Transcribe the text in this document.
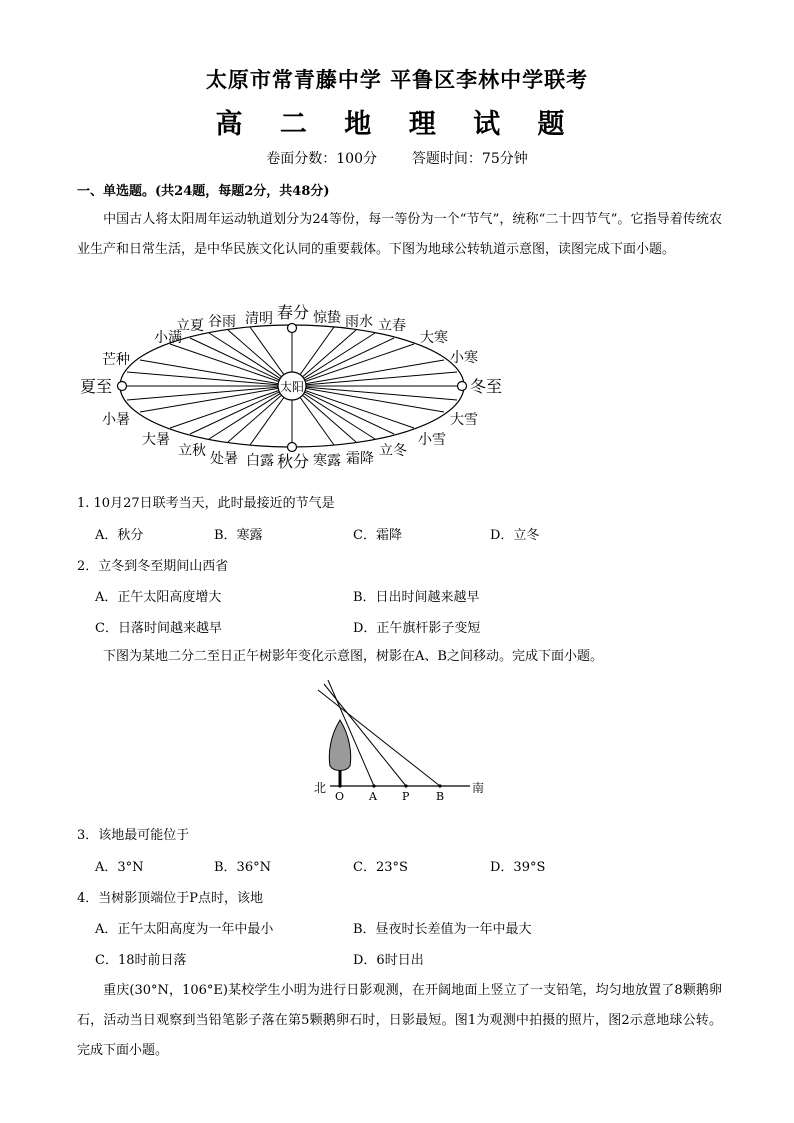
太原市常青藤中学 平鲁区李林中学联考
高 二 地 理 试 题
卷面分数：100分 答题时间：75分钟
一、单选题。(共24题，每题2分，共48分)
中国古人将太阳周年运动轨道划分为24等份，每一等份为一个“节气”，统称“二十四节气”。它指导着传统农业生产和日常生活，是中华民族文化认同的重要载体。下图为地球公转轨道示意图，读图完成下面小题。
太阳
小满
立夏 谷雨 清明 春分 惊蛰 雨水 立春
大寒
芒种
夏至
小暑
小寒
冬至
大雪
大暑
立秋 处暑 白露 秋分 寒露 霜降 立冬
小雪
1. 10月27日联考当天，此时最接近的节气是
A．秋分	B．寒露	C．霜降	D．立冬
2．立冬到冬至期间山西省
A．正午太阳高度增大	B．日出时间越来越早
C．日落时间越来越早	D．正午旗杆影子变短
下图为某地二分二至日正午树影年变化示意图，树影在A、B之间移动。完成下面小题。
北	南
O A P B
3．该地最可能位于
A．3°N	B．36°N	C．23°S	D．39°S
4．当树影顶端位于P点时，该地
A．正午太阳高度为一年中最小	B．昼夜时长差值为一年中最大
C．18时前日落	D．6时日出
重庆(30°N，106°E)某校学生小明为进行日影观测，在开阔地面上竖立了一支铅笔，均匀地放置了8颗鹅卵石，活动当日观察到当铅笔影子落在第5颗鹅卵石时，日影最短。图1为观测中拍摄的照片，图2示意地球公转。完成下面小题。
